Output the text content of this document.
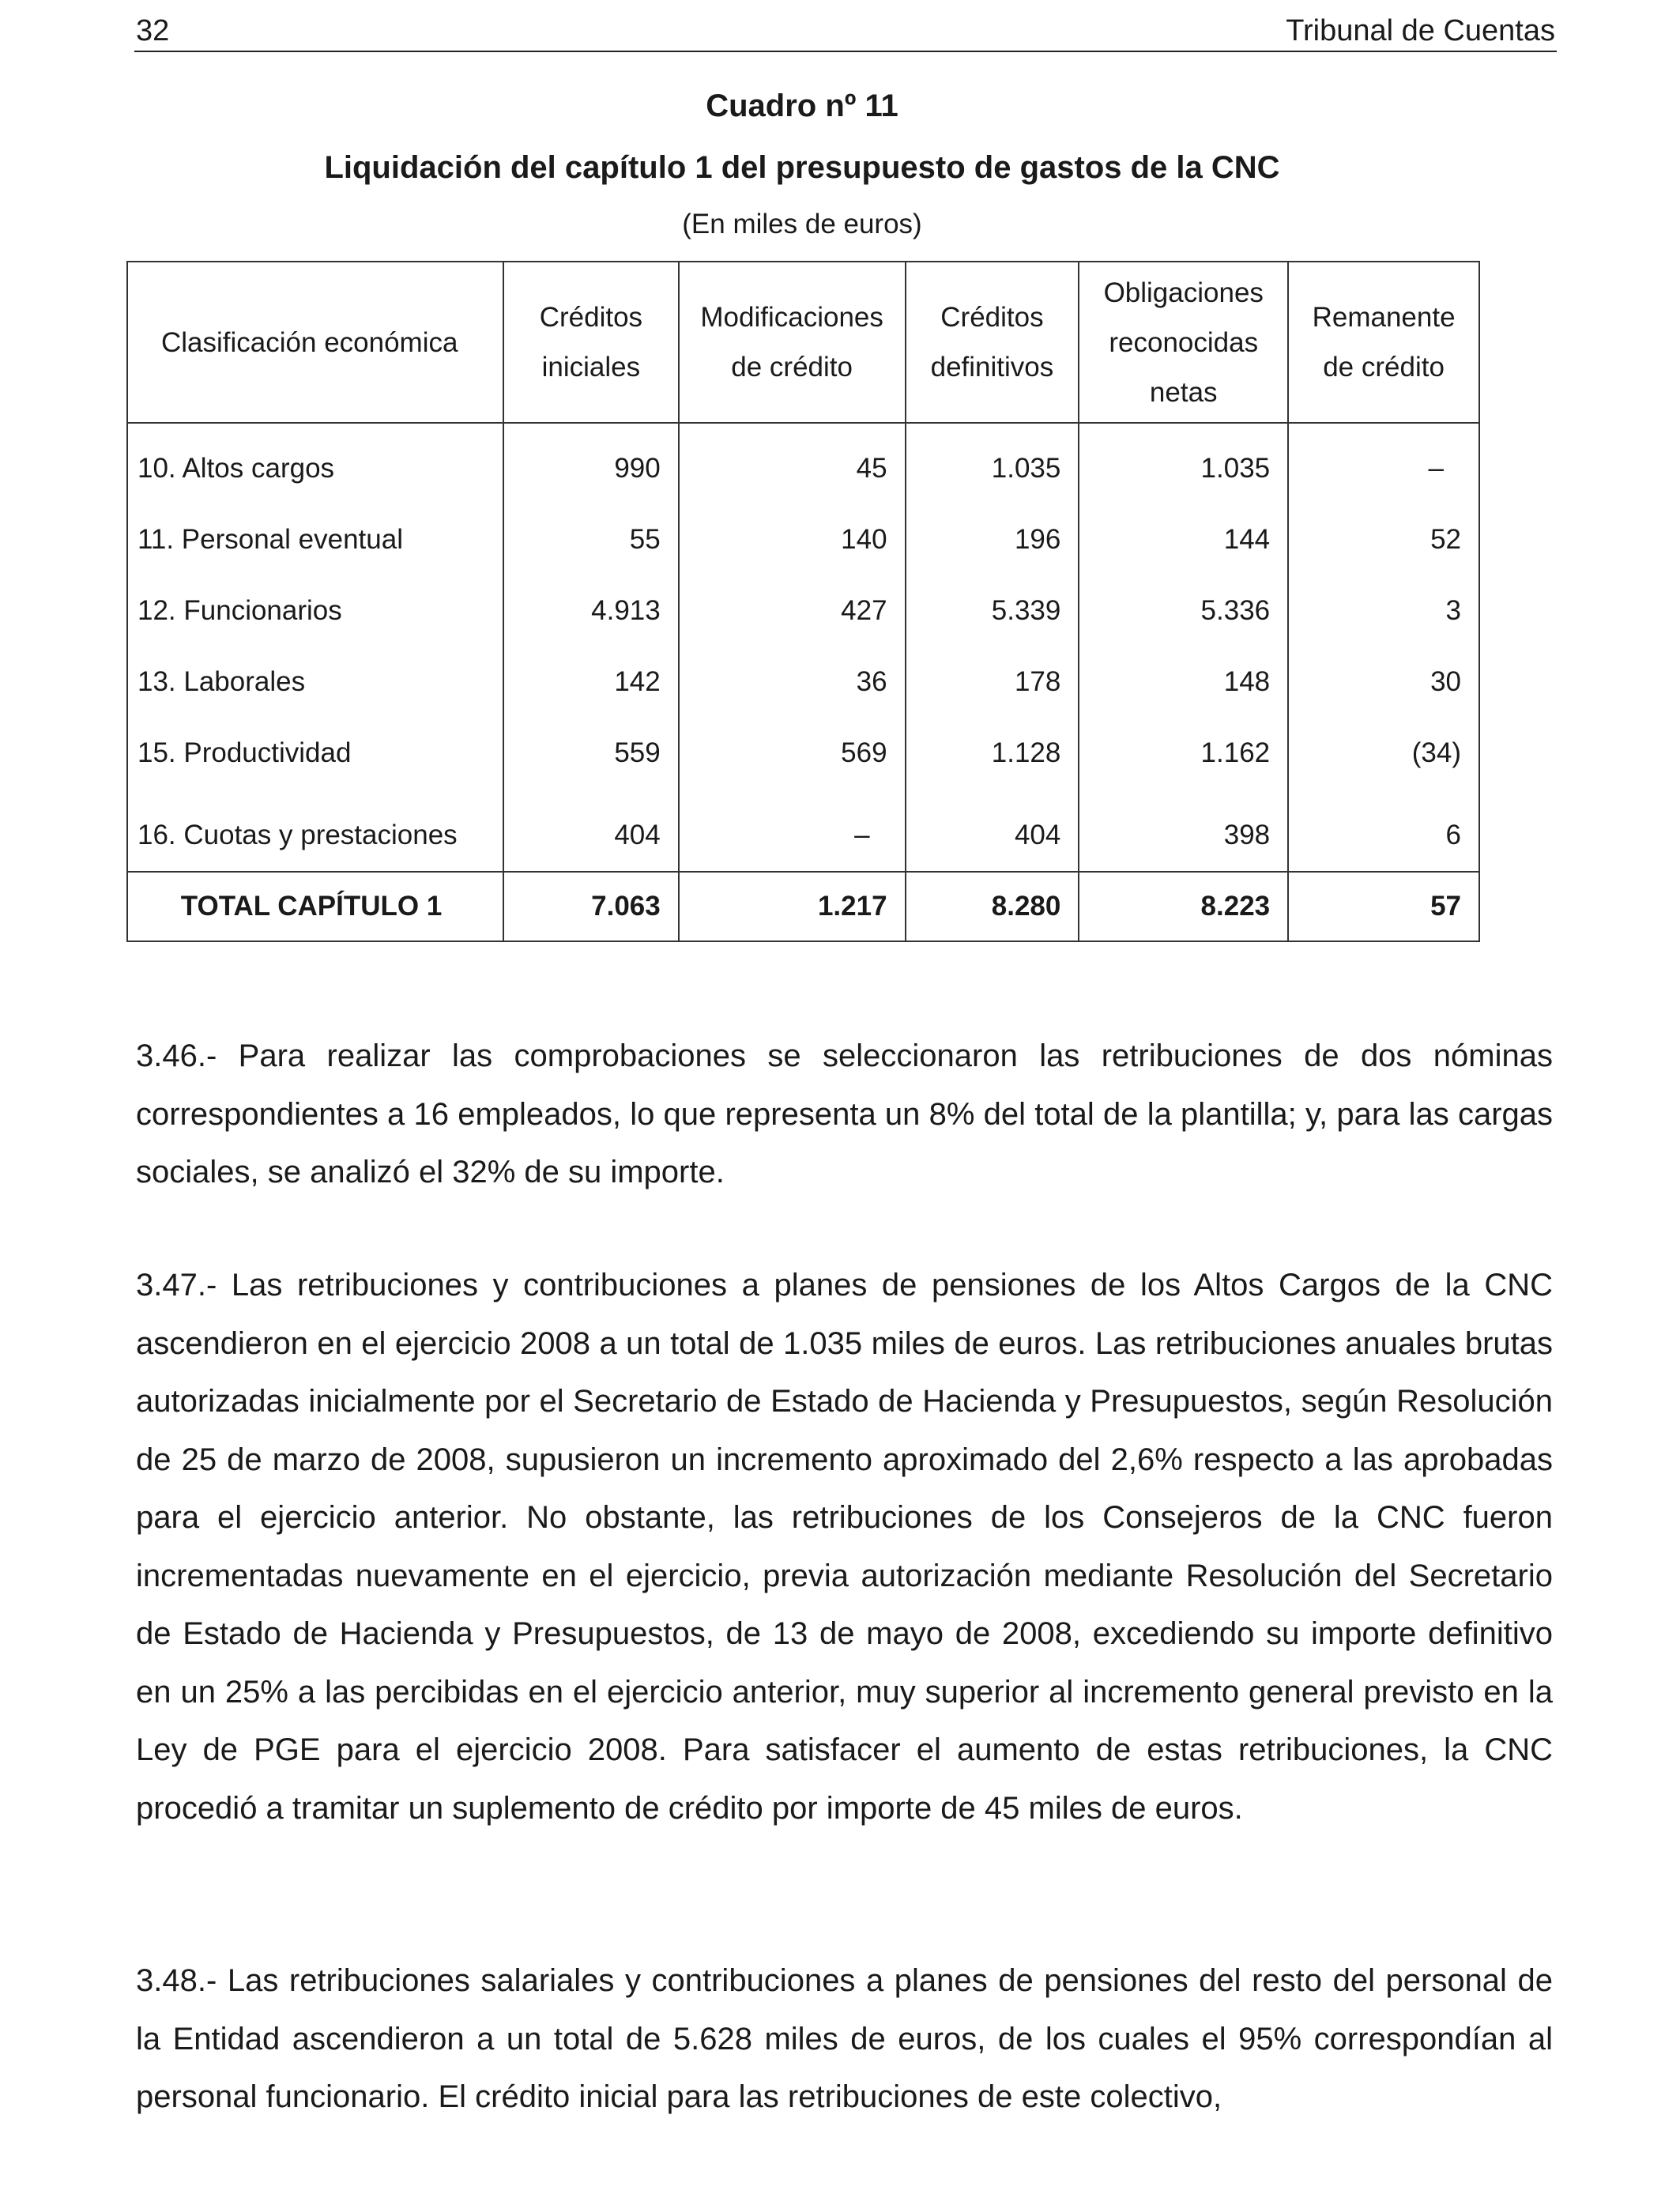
32	Tribunal de Cuentas
Cuadro nº 11
Liquidación del capítulo 1 del presupuesto de gastos de la CNC
(En miles de euros)
Clasificación económica	Créditos iniciales	Modificaciones de crédito	Créditos definitivos	Obligaciones reconocidas netas	Remanente de crédito
10. Altos cargos	990	45	1.035	1.035	–
11. Personal eventual	55	140	196	144	52
12. Funcionarios	4.913	427	5.339	5.336	3
13. Laborales	142	36	178	148	30
15. Productividad	559	569	1.128	1.162	(34)
16. Cuotas y prestaciones	404	–	404	398	6
TOTAL CAPÍTULO 1	7.063	1.217	8.280	8.223	57

3.46.- Para realizar las comprobaciones se seleccionaron las retribuciones de dos nóminas correspondientes a 16 empleados, lo que representa un 8% del total de la plantilla; y, para las cargas sociales, se analizó el 32% de su importe.

3.47.- Las retribuciones y contribuciones a planes de pensiones de los Altos Cargos de la CNC ascendieron en el ejercicio 2008 a un total de 1.035 miles de euros. Las retribuciones anuales brutas autorizadas inicialmente por el Secretario de Estado de Hacienda y Presupuestos, según Resolución de 25 de marzo de 2008, supusieron un incremento aproximado del 2,6% respecto a las aprobadas para el ejercicio anterior. No obstante, las retribuciones de los Consejeros de la CNC fueron incrementadas nuevamente en el ejercicio, previa autorización mediante Resolución del Secretario de Estado de Hacienda y Presupuestos, de 13 de mayo de 2008, excediendo su importe definitivo en un 25% a las percibidas en el ejercicio anterior, muy superior al incremento general previsto en la Ley de PGE para el ejercicio 2008. Para satisfacer el aumento de estas retribuciones, la CNC procedió a tramitar un suplemento de crédito por importe de 45 miles de euros.

3.48.- Las retribuciones salariales y contribuciones a planes de pensiones del resto del personal de la Entidad ascendieron a un total de 5.628 miles de euros, de los cuales el 95% correspondían al personal funcionario. El crédito inicial para las retribuciones de este colectivo,
